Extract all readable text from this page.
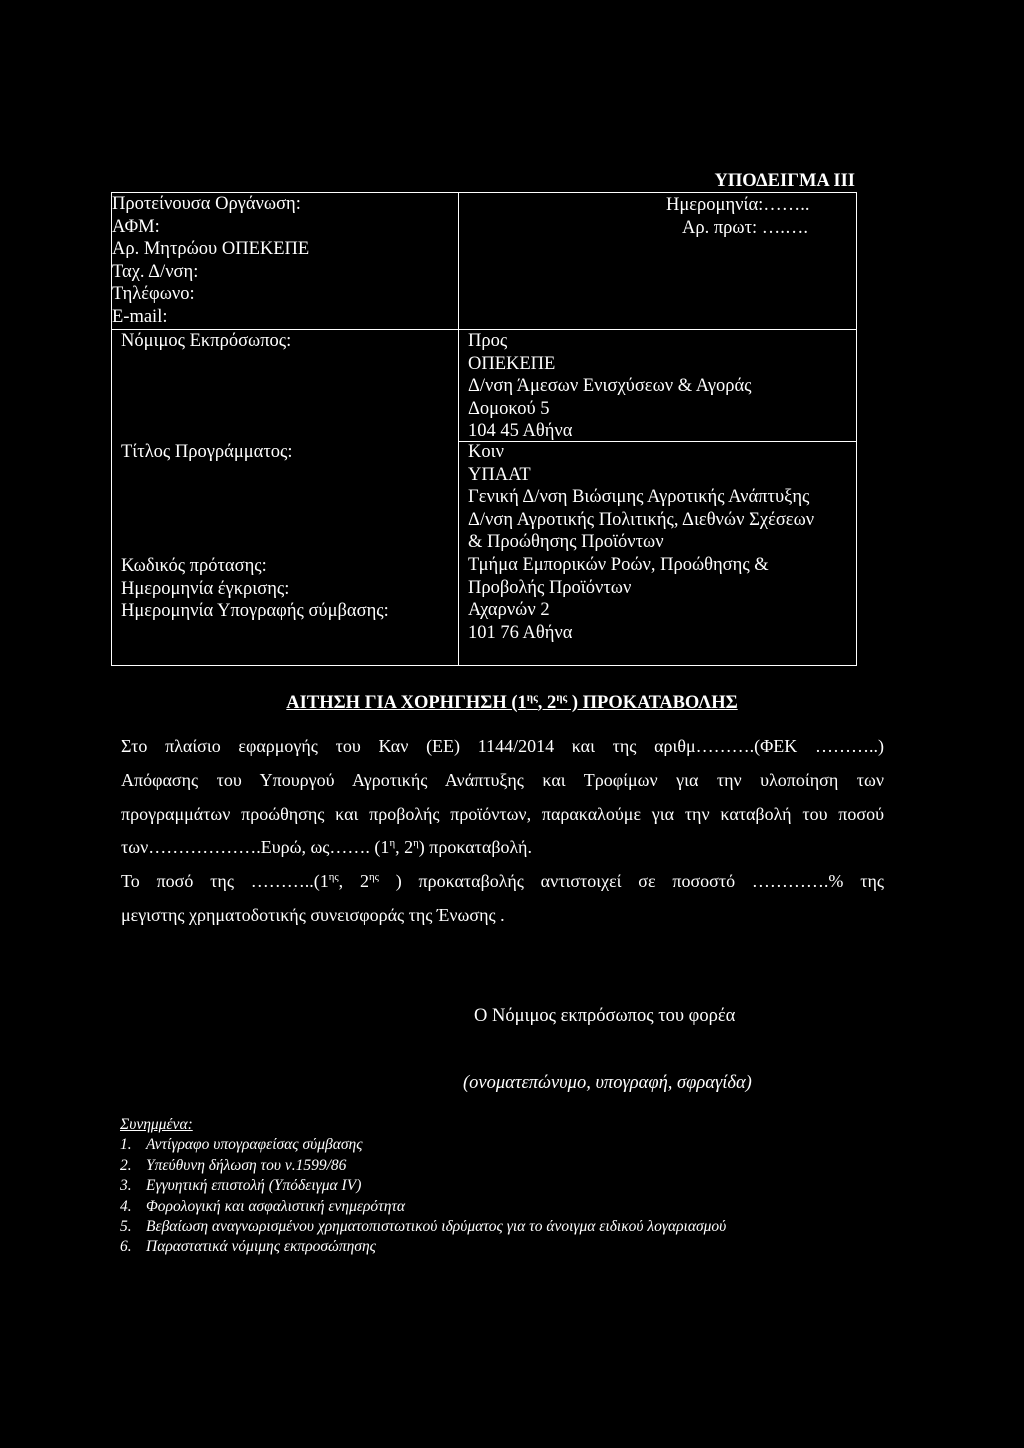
ΥΠΟΔΕΙΓΜΑ ΙΙΙ
Προτείνουσα Οργάνωση:
ΑΦΜ:
Αρ. Μητρώου ΟΠΕΚΕΠΕ
Ταχ. Δ/νση:
Τηλέφωνο:
E-mail:
Ημερομηνία:……..
Αρ. πρωτ: ….….
Νόμιμος Εκπρόσωπος:
Τίτλος Προγράμματος:
Κωδικός πρότασης:
Ημερομηνία έγκρισης:
Ημερομηνία Υπογραφής σύμβασης:
Προς
ΟΠΕΚΕΠΕ
Δ/νση Άμεσων Ενισχύσεων & Αγοράς
Δομοκού 5
104 45 Αθήνα
Κοιν
ΥΠΑΑΤ
Γενική Δ/νση Βιώσιμης Αγροτικής Ανάπτυξης
Δ/νση Αγροτικής Πολιτικής, Διεθνών Σχέσεων
& Προώθησης Προϊόντων
Τμήμα Εμπορικών Ροών, Προώθησης &
Προβολής Προϊόντων
Αχαρνών 2
101 76 Αθήνα
ΑΙΤΗΣΗ ΓΙΑ ΧΟΡΗΓΗΣΗ ($1^{\eta\varsigma}$, $2^{\eta\varsigma}$ ) ΠΡΟΚΑΤΑΒΟΛΗΣ
Στο πλαίσιο εφαρμογής του Καν (ΕΕ) 1144/2014 και της αριθμ……….(ΦΕΚ ………..)
Απόφασης του Υπουργού Αγροτικής Ανάπτυξης και Τροφίμων για την υλοποίηση των
προγραμμάτων προώθησης και προβολής προϊόντων, παρακαλούμε για την καταβολή του ποσού
των……………….Ευρώ, ως……. ($1^\eta$, $2^\eta$) προκαταβολή.
Το ποσό της $\dots\dots\dots..(1^{\eta\varsigma}$, $2^{\eta\varsigma}$ ) προκαταβολής αντιστοιχεί σε ποσοστό ………….% της
μεγιστης χρηματοδοτικής συνεισφοράς της Ένωσης .
Ο Νόμιμος εκπρόσωπος του φορέα
(ονοματεπώνυμο, υπογραφή, σφραγίδα)
Συνημμένα:
1. Αντίγραφο υπογραφείσας σύμβασης
2. Υπεύθυνη δήλωση του ν.1599/86
3. Εγγυητική επιστολή (Υπόδειγμα IV)
4. Φορολογική και ασφαλιστική ενημερότητα
5. Βεβαίωση αναγνωρισμένου χρηματοπιστωτικού ιδρύματος για το άνοιγμα ειδικού λογαριασμού
6. Παραστατικά νόμιμης εκπροσώπησης
